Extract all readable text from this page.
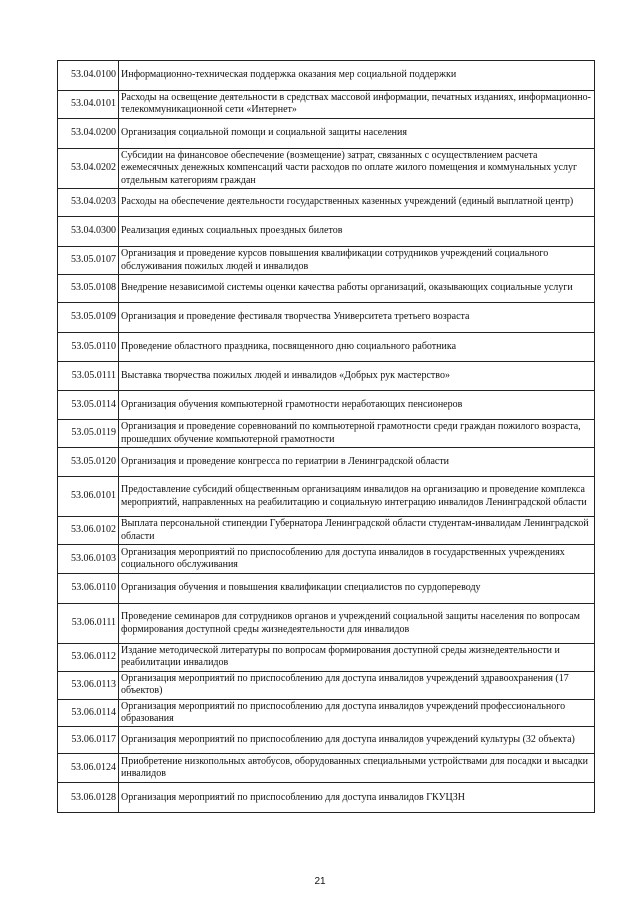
53.04.0100	Информационно-техническая поддержка оказания мер социальной поддержки
53.04.0101	Расходы на освещение деятельности в средствах массовой информации, печатных изданиях, информационно-телекоммуникационной сети «Интернет»
53.04.0200	Организация социальной помощи и социальной защиты населения
53.04.0202	Субсидии на финансовое обеспечение (возмещение) затрат, связанных с осуществлением расчета ежемесячных денежных компенсаций части расходов по оплате жилого помещения и коммунальных услуг отдельным категориям граждан
53.04.0203	Расходы на обеспечение деятельности государственных казенных учреждений (единый выплатной центр)
53.04.0300	Реализация единых социальных проездных билетов
53.05.0107	Организация и проведение курсов повышения квалификации сотрудников учреждений социального обслуживания пожилых людей и инвалидов
53.05.0108	Внедрение независимой системы оценки качества работы организаций, оказывающих социальные услуги
53.05.0109	Организация и проведение фестиваля творчества Университета третьего возраста
53.05.0110	Проведение областного праздника, посвященного дню социального работника
53.05.0111	Выставка творчества пожилых людей и инвалидов «Добрых рук мастерство»
53.05.0114	Организация обучения компьютерной грамотности неработающих пенсионеров
53.05.0119	Организация и проведение соревнований по компьютерной грамотности среди граждан пожилого возраста, прошедших обучение компьютерной грамотности
53.05.0120	Организация и проведение конгресса по гериатрии в Ленинградской области
53.06.0101	Предоставление субсидий общественным организациям инвалидов на организацию и проведение комплекса мероприятий, направленных на реабилитацию и социальную интеграцию инвалидов Ленинградской области
53.06.0102	Выплата персональной стипендии Губернатора Ленинградской области студентам-инвалидам Ленинградской области
53.06.0103	Организация мероприятий по приспособлению для доступа инвалидов в государственных учреждениях социального обслуживания
53.06.0110	Организация обучения и повышения квалификации специалистов по сурдопереводу
53.06.0111	Проведение семинаров для сотрудников органов и учреждений социальной защиты населения по вопросам формирования доступной среды жизнедеятельности для инвалидов
53.06.0112	Издание методической литературы по вопросам формирования доступной среды жизнедеятельности и реабилитации инвалидов
53.06.0113	Организация мероприятий по приспособлению для доступа инвалидов учреждений здравоохранения (17 объектов)
53.06.0114	Организация мероприятий по приспособлению для доступа инвалидов учреждений профессионального образования
53.06.0117	Организация мероприятий по приспособлению для доступа инвалидов учреждений культуры (32 объекта)
53.06.0124	Приобретение низкопольных автобусов, оборудованных специальными устройствами для посадки и высадки инвалидов
53.06.0128	Организация мероприятий по приспособлению для доступа инвалидов ГКУЦЗН
21
